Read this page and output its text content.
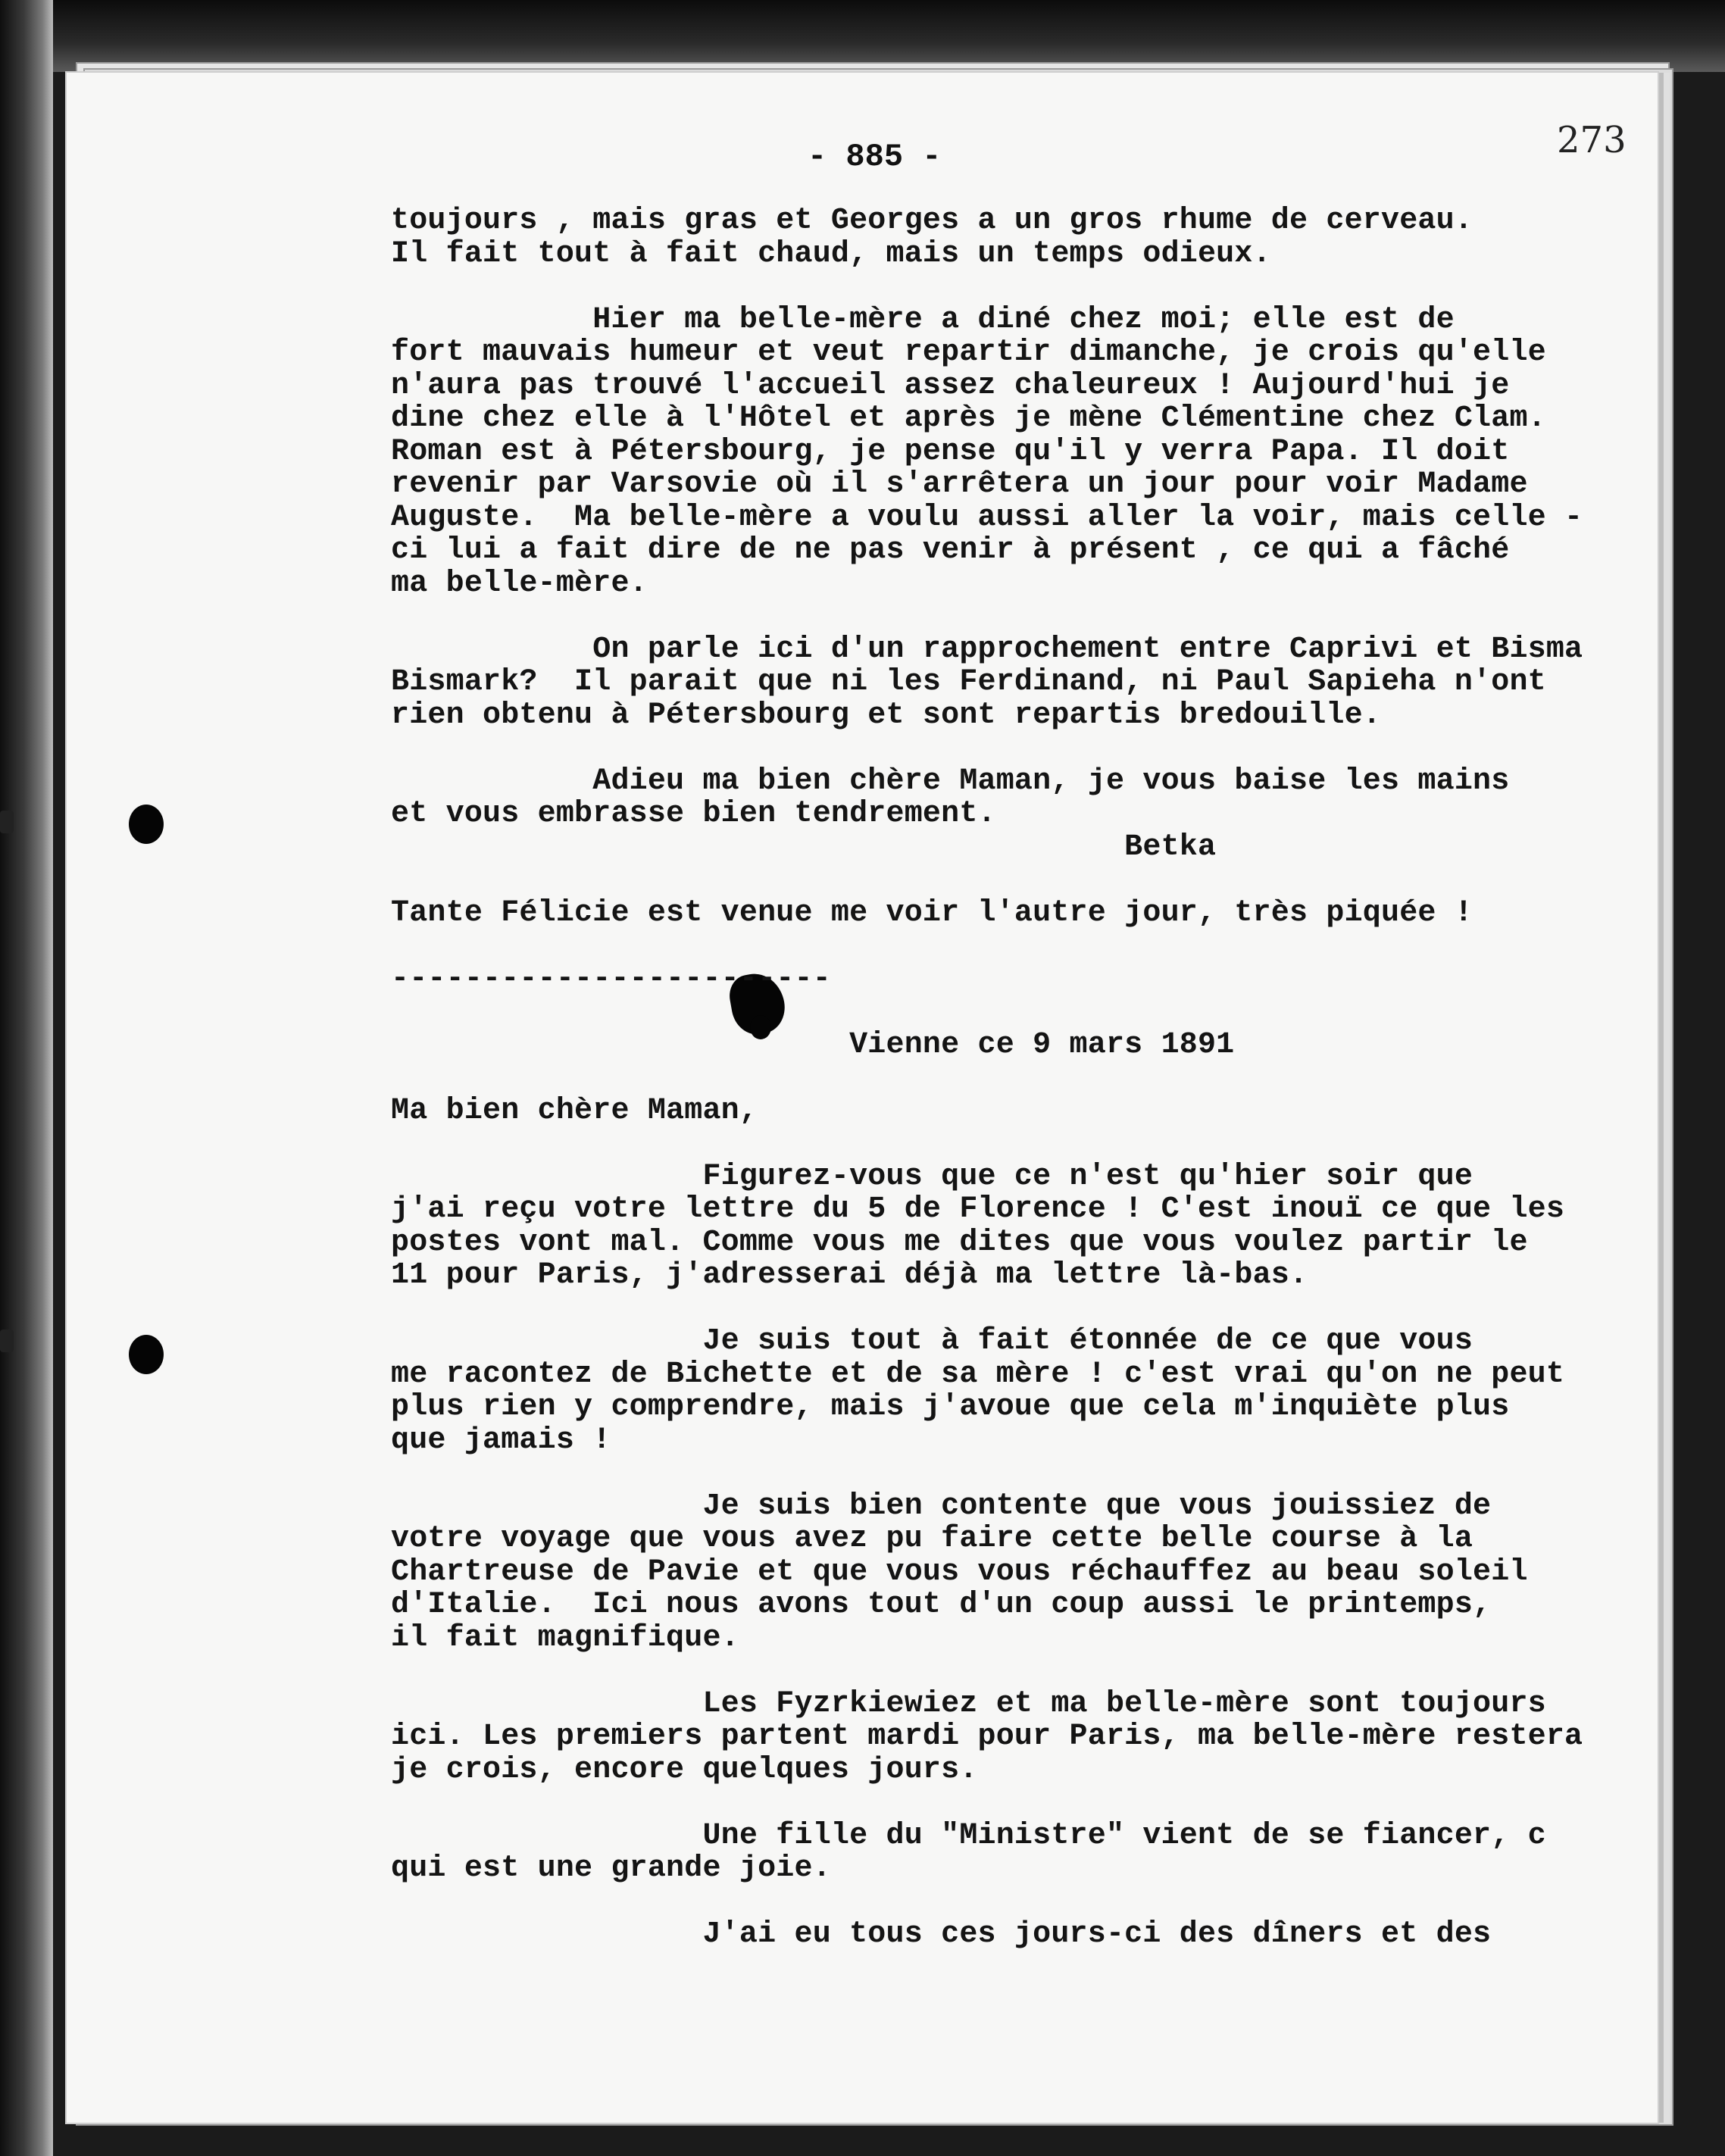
- 885 -	273
toujours , mais gras et Georges a un gros rhume de cerveau.
Il fait tout à fait chaud, mais un temps odieux.
Hier ma belle-mère a diné chez moi; elle est de
fort mauvais humeur et veut repartir dimanche, je crois qu'elle
n'aura pas trouvé l'accueil assez chaleureux ! Aujourd'hui je
dine chez elle à l'Hôtel et après je mène Clémentine chez Clam.
Roman est à Pétersbourg, je pense qu'il y verra Papa. Il doit
revenir par Varsovie où il s'arrêtera un jour pour voir Madame
Auguste.  Ma belle-mère a voulu aussi aller la voir, mais celle -
ci lui a fait dire de ne pas venir à présent , ce qui a fâché
ma belle-mère.
On parle ici d'un rapprochement entre Caprivi et Bisma
Bismark?  Il parait que ni les Ferdinand, ni Paul Sapieha n'ont
rien obtenu à Pétersbourg et sont repartis bredouille.
Adieu ma bien chère Maman, je vous baise les mains
et vous embrasse bien tendrement.
Betka
Tante Félicie est venue me voir l'autre jour, très piquée !
------------------------
Vienne ce 9 mars 1891
Ma bien chère Maman,
Figurez-vous que ce n'est qu'hier soir que
j'ai reçu votre lettre du 5 de Florence ! C'est inouï ce que les
postes vont mal. Comme vous me dites que vous voulez partir le
11 pour Paris, j'adresserai déjà ma lettre là-bas.
Je suis tout à fait étonnée de ce que vous
me racontez de Bichette et de sa mère ! c'est vrai qu'on ne peut
plus rien y comprendre, mais j'avoue que cela m'inquiète plus
que jamais !
Je suis bien contente que vous jouissiez de
votre voyage que vous avez pu faire cette belle course à la
Chartreuse de Pavie et que vous vous réchauffez au beau soleil
d'Italie.  Ici nous avons tout d'un coup aussi le printemps,
il fait magnifique.
Les Fyzrkiewiez et ma belle-mère sont toujours
ici. Les premiers partent mardi pour Paris, ma belle-mère restera
je crois, encore quelques jours.
Une fille du "Ministre" vient de se fiancer, c
qui est une grande joie.
J'ai eu tous ces jours-ci des dîners et des
